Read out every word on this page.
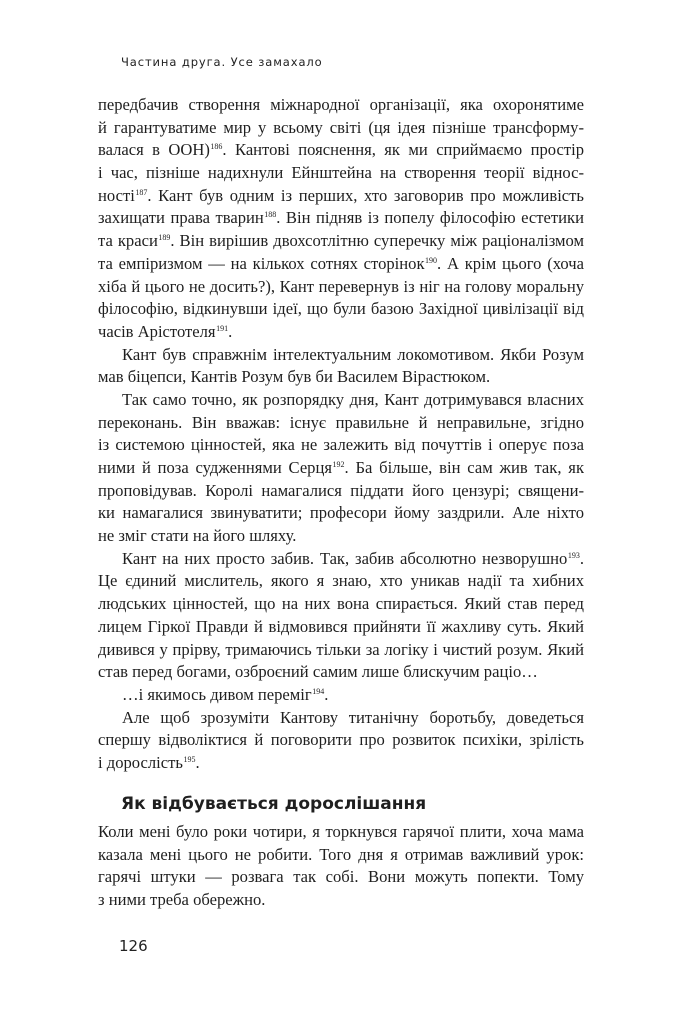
Частина друга. Усе замахало
передбачив створення міжнародної організації, яка охоронятиме
й гарантуватиме мир у всьому світі (ця ідея пізніше трансформу-
валася в ООН)$^{186}$. Кантові пояснення, як ми сприймаємо простір
і час, пізніше надихнули Ейнштейна на створення теорії віднос-
ності$^{187}$. Кант був одним із перших, хто заговорив про можливість
захищати права тварин$^{188}$. Він підняв із попелу філософію естетики
та краси$^{189}$. Він вирішив двохсотлітню суперечку між раціоналізмом
та емпіризмом — на кількох сотнях сторінок$^{190}$. А крім цього (хоча
хіба й цього не досить?), Кант перевернув із ніг на голову моральну
філософію, відкинувши ідеї, що були базою Західної цивілізації від
часів Арістотеля$^{191}$.
Кант був справжнім інтелектуальним локомотивом. Якби Розум
мав біцепси, Кантів Розум був би Василем Вірастюком.
Так само точно, як розпорядку дня, Кант дотримувався власних
переконань. Він вважав: існує правильне й неправильне, згідно
із системою цінностей, яка не залежить від почуттів і оперує поза
ними й поза судженнями Серця$^{192}$. Ба більше, він сам жив так, як
проповідував. Королі намагалися піддати його цензурі; священи-
ки намагалися звинуватити; професори йому заздрили. Але ніхто
не зміг стати на його шляху.
Кант на них просто забив. Так, забив абсолютно незворушно$^{193}$.
Це єдиний мислитель, якого я знаю, хто уникав надії та хибних
людських цінностей, що на них вона спирається. Який став перед
лицем Гіркої Правди й відмовився прийняти її жахливу суть. Який
дивився у прірву, тримаючись тільки за логіку і чистий розум. Який
став перед богами, озброєний самим лише блискучим раціо…
…і якимось дивом переміг$^{194}$.
Але щоб зрозуміти Кантову титанічну боротьбу, доведеться
спершу відволіктися й поговорити про розвиток психіки, зрілість
і дорослість$^{195}$.
Як відбувається дорослішання
Коли мені було роки чотири, я торкнувся гарячої плити, хоча мама
казала мені цього не робити. Того дня я отримав важливий урок:
гарячі штуки — розвага так собі. Вони можуть попекти. Тому
з ними треба обережно.
126
